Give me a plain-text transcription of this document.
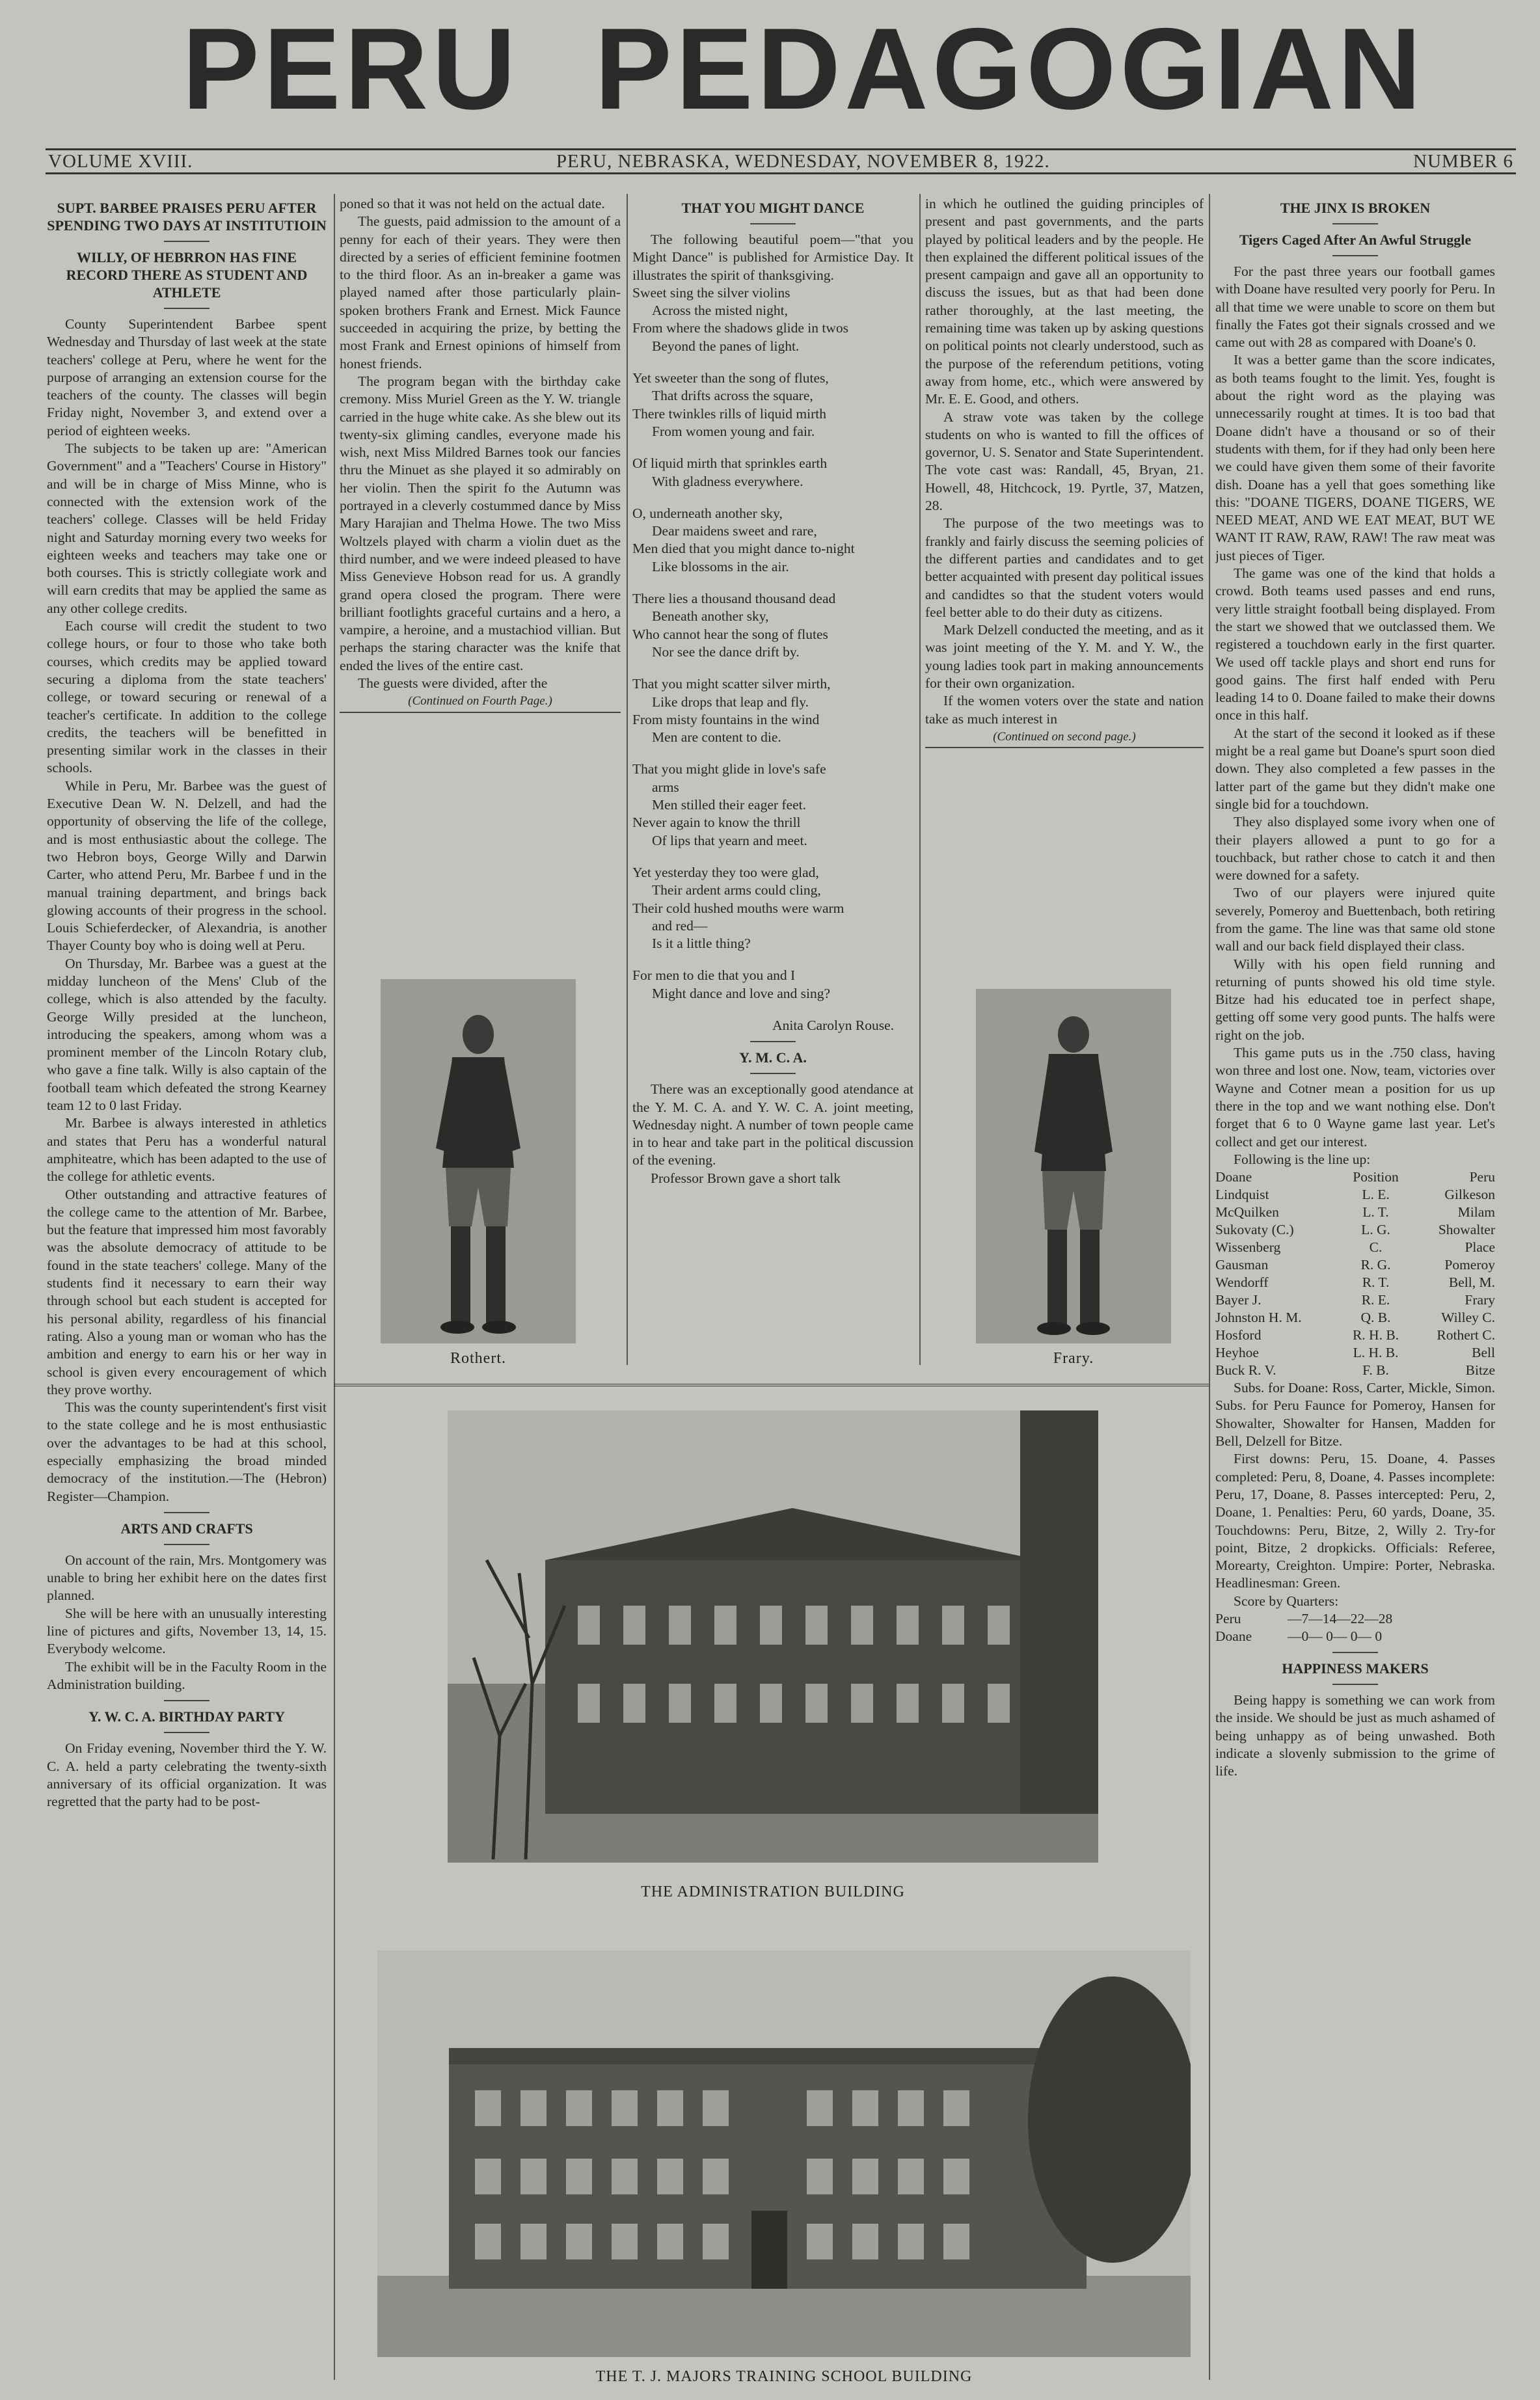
PERU PEDAGOGIAN
VOLUME XVIII.	PERU, NEBRASKA, WEDNESDAY, NOVEMBER 8, 1922.	NUMBER 6
SUPT. BARBEE PRAISES PERU AFTER SPENDING TWO DAYS AT INSTITUTIOIN
WILLY, OF HEBRRON HAS FINE RECORD THERE AS STUDENT AND ATHLETE

County Superintendent Barbee spent Wednesday and Thursday of last week at the state teachers' college at Peru, where he went for the purpose of arranging an extension course for the teachers of the county. The classes will begin Friday night, November 3, and extend over a period of eighteen weeks.

The subjects to be taken up are: "American Government" and a "Teachers' Course in History" and will be in charge of Miss Minne, who is connected with the extension work of the teachers' college. Classes will be held Friday night and Saturday morning every two weeks for eighteen weeks and teachers may take one or both courses. This is strictly collegiate work and will earn credits that may be applied the same as any other college credits.

Each course will credit the student to two college hours, or four to those who take both courses, which credits may be applied toward securing a diploma from the state teachers' college, or toward securing or renewal of a teacher's certificate. In addition to the college credits, the teachers will be benefitted in presenting similar work in the classes in their schools.

While in Peru, Mr. Barbee was the guest of Executive Dean W. N. Delzell, and had the opportunity of observing the life of the college, and is most enthusiastic about the college. The two Hebron boys, George Willy and Darwin Carter, who attend Peru, Mr. Barbee f und in the manual training department, and brings back glowing accounts of their progress in the school. Louis Schieferdecker, of Alexandria, is another Thayer County boy who is doing well at Peru.

On Thursday, Mr. Barbee was a guest at the midday luncheon of the Mens' Club of the college, which is also attended by the faculty. George Willy presided at the luncheon, introducing the speakers, among whom was a prominent member of the Lincoln Rotary club, who gave a fine talk. Willy is also captain of the football team which defeated the strong Kearney team 12 to 0 last Friday.

Mr. Barbee is always interested in athletics and states that Peru has a wonderful natural amphiteatre, which has been adapted to the use of the college for athletic events.

Other outstanding and attractive features of the college came to the attention of Mr. Barbee, but the feature that impressed him most favorably was the absolute democracy of attitude to be found in the state teachers' college. Many of the students find it necessary to earn their way through school but each student is accepted for his personal ability, regardless of his financial rating. Also a young man or woman who has the ambition and energy to earn his or her way in school is given every encouragement of which they prove worthy.

This was the county superintendent's first visit to the state college and he is most enthusiastic over the advantages to be had at this school, especially emphasizing the broad minded democracy of the institution.—The (Hebron) Register—Champion.

ARTS AND CRAFTS

On account of the rain, Mrs. Montgomery was unable to bring her exhibit here on the dates first planned.

She will be here with an unusually interesting line of pictures and gifts, November 13, 14, 15. Everybody welcome.

The exhibit will be in the Faculty Room in the Administration building.

Y. W. C. A. BIRTHDAY PARTY

On Friday evening, November third the Y. W. C. A. held a party celebrating the twenty-sixth anniversary of its official organization. It was regretted that the party had to be post-

poned so that it was not held on the actual date.

The guests, paid admission to the amount of a penny for each of their years. They were then directed by a series of efficient feminine footmen to the third floor. As an in-breaker a game was played named after those particularly plain-spoken brothers Frank and Ernest. Mick Faunce succeeded in acquiring the prize, by betting the most Frank and Ernest opinions of himself from honest friends.

The program began with the birthday cake cremony. Miss Muriel Green as the Y. W. triangle carried in the huge white cake. As she blew out its twenty-six gliming candles, everyone made his wish, next Miss Mildred Barnes took our fancies thru the Minuet as she played it so admirably on her violin. Then the spirit fo the Autumn was portrayed in a cleverly costummed dance by Miss Mary Harajian and Thelma Howe. The two Miss Woltzels played with charm a violin duet as the third number, and we were indeed pleased to have Miss Genevieve Hobson read for us. A grandly grand opera closed the program. There were brilliant footlights graceful curtains and a hero, a vampire, a heroine, and a mustachiod villian. But perhaps the staring character was the knife that ended the lives of the entire cast.

The guests were divided, after the

(Continued on Fourth Page.)
Rothert.
THAT YOU MIGHT DANCE

The following beautiful poem—"that you Might Dance" is published for Armistice Day. It illustrates the spirit of thanksgiving.

Sweet sing the silver violins
Across the misted night,
From where the shadows glide in twos
Beyond the panes of light.
Yet sweeter than the song of flutes,
That drifts across the square,
There twinkles rills of liquid mirth
From women young and fair.
Of liquid mirth that sprinkles earth
With gladness everywhere.
O, underneath another sky,
Dear maidens sweet and rare,
Men died that you might dance to-night
Like blossoms in the air.
There lies a thousand thousand dead
Beneath another sky,
Who cannot hear the song of flutes
Nor see the dance drift by.
That you might scatter silver mirth,
Like drops that leap and fly.
From misty fountains in the wind
Men are content to die.
That you might glide in love's safe
arms
Men stilled their eager feet.
Never again to know the thrill
Of lips that yearn and meet.
Yet yesterday they too were glad,
Their ardent arms could cling,
Their cold hushed mouths were warm
and red—
Is it a little thing?
For men to die that you and I
Might dance and love and sing?
Anita Carolyn Rouse.
Y. M. C. A.

There was an exceptionally good atendance at the Y. M. C. A. and Y. W. C. A. joint meeting, Wednesday night. A number of town people came in to hear and take part in the political discussion of the evening.

Professor Brown gave a short talk

in which he outlined the guiding principles of present and past governments, and the parts played by political leaders and by the people. He then explained the different political issues of the present campaign and gave all an opportunity to discuss the issues, but as that had been done rather thoroughly, at the last meeting, the remaining time was taken up by asking questions on political points not clearly understood, such as the purpose of the referendum petitions, voting away from home, etc., which were answered by Mr. E. E. Good, and others.

A straw vote was taken by the college students on who is wanted to fill the offices of governor, U. S. Senator and State Superintendent. The vote cast was: Randall, 45, Bryan, 21. Howell, 48, Hitchcock, 19. Pyrtle, 37, Matzen, 28.

The purpose of the two meetings was to frankly and fairly discuss the seeming policies of the different parties and candidates and to get better acquainted with present day political issues and candidtes so that the student voters would feel better able to do their duty as citizens.

Mark Delzell conducted the meeting, and as it was joint meeting of the Y. M. and Y. W., the young ladies took part in making announcements for their own organization.

If the women voters over the state and nation take as much interest in

(Continued on second page.)
Frary.
THE ADMINISTRATION BUILDING
THE T. J. MAJORS TRAINING SCHOOL BUILDING
THE JINX IS BROKEN
Tigers Caged After An Awful Struggle

For the past three years our football games with Doane have resulted very poorly for Peru. In all that time we were unable to score on them but finally the Fates got their signals crossed and we came out with 28 as compared with Doane's 0.

It was a better game than the score indicates, as both teams fought to the limit. Yes, fought is about the right word as the playing was unnecessarily rought at times. It is too bad that Doane didn't have a thousand or so of their students with them, for if they had only been here we could have given them some of their favorite dish. Doane has a yell that goes something like this: "DOANE TIGERS, DOANE TIGERS, WE NEED MEAT, AND WE EAT MEAT, BUT WE WANT IT RAW, RAW, RAW! The raw meat was just pieces of Tiger.

The game was one of the kind that holds a crowd. Both teams used passes and end runs, very little straight football being displayed. From the start we showed that we outclassed them. We registered a touchdown early in the first quarter. We used off tackle plays and short end runs for good gains. The first half ended with Peru leading 14 to 0. Doane failed to make their downs once in this half.

At the start of the second it looked as if these might be a real game but Doane's spurt soon died down. They also completed a few passes in the latter part of the game but they didn't make one single bid for a touchdown.

They also displayed some ivory when one of their players allowed a punt to go for a touchback, but rather chose to catch it and then were downed for a safety.

Two of our players were injured quite severely, Pomeroy and Buettenbach, both retiring from the game. The line was that same old stone wall and our back field displayed their class.

Willy with his open field running and returning of punts showed his old time style. Bitze had his educated toe in perfect shape, getting off some very good punts. The halfs were right on the job.

This game puts us in the .750 class, having won three and lost one. Now, team, victories over Wayne and Cotner mean a position for us up there in the top and we want nothing else. Don't forget that 6 to 0 Wayne game last year. Let's collect and get our interest.

Following is the line up:

Doane	Position	Peru
Lindquist	L. E.	Gilkeson
McQuilken	L. T.	Milam
Sukovaty (C.)	L. G.	Showalter
Wissenberg	C.	Place
Gausman	R. G.	Pomeroy
Wendorff	R. T.	Bell, M.
Bayer J.	R. E.	Frary
Johnston H. M.	Q. B.	Willey C.
Hosford	R. H. B.	Rothert C.
Heyhoe	L. H. B.	Bell
Buck R. V.	F. B.	Bitze

Subs. for Doane: Ross, Carter, Mickle, Simon. Subs. for Peru Faunce for Pomeroy, Hansen for Showalter, Showalter for Hansen, Madden for Bell, Delzell for Bitze.

First downs: Peru, 15. Doane, 4. Passes completed: Peru, 8, Doane, 4. Passes incomplete: Peru, 17, Doane, 8. Passes intercepted: Peru, 2, Doane, 1. Penalties: Peru, 60 yards, Doane, 35. Touchdowns: Peru, Bitze, 2, Willy 2. Try-for point, Bitze, 2 dropkicks. Officials: Referee, Morearty, Creighton. Umpire: Porter, Nebraska. Headlinesman: Green.

Score by Quarters:

Peru	—7—14—22—28
Doane	—0— 0— 0— 0
HAPPINESS MAKERS

Being happy is something we can work from the inside. We should be just as much ashamed of being unhappy as of being unwashed. Both indicate a slovenly submission to the grime of life.
